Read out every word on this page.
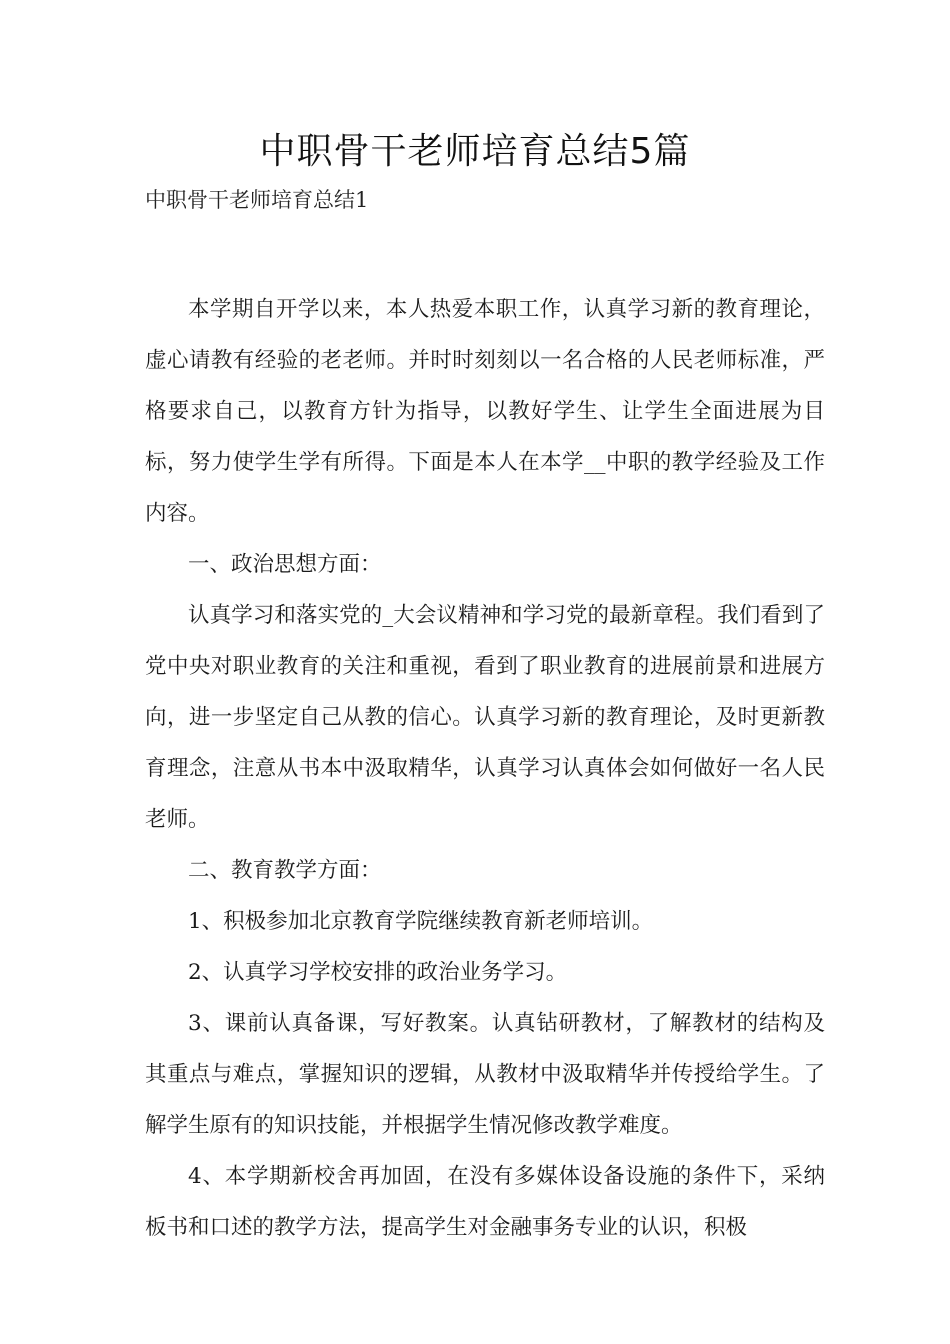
中职骨干老师培育总结5篇
中职骨干老师培育总结1

本学期自开学以来，本人热爱本职工作，认真学习新的教育理论，虚心请教有经验的老老师。并时时刻刻以一名合格的人民老师标准，严格要求自己，以教育方针为指导，以教好学生、让学生全面进展为目标，努力使学生学有所得。下面是本人在本学__中职的教学经验及工作内容。

一、政治思想方面：

认真学习和落实党的_大会议精神和学习党的最新章程。我们看到了党中央对职业教育的关注和重视，看到了职业教育的进展前景和进展方向，进一步坚定自己从教的信心。认真学习新的教育理论，及时更新教育理念，注意从书本中汲取精华，认真学习认真体会如何做好一名人民老师。

二、教育教学方面：

1、积极参加北京教育学院继续教育新老师培训。

2、认真学习学校安排的政治业务学习。

3、课前认真备课，写好教案。认真钻研教材，了解教材的结构及其重点与难点，掌握知识的逻辑，从教材中汲取精华并传授给学生。了解学生原有的知识技能，并根据学生情况修改教学难度。

4、本学期新校舍再加固，在没有多媒体设备设施的条件下，采纳板书和口述的教学方法，提高学生对金融事务专业的认识，积极
